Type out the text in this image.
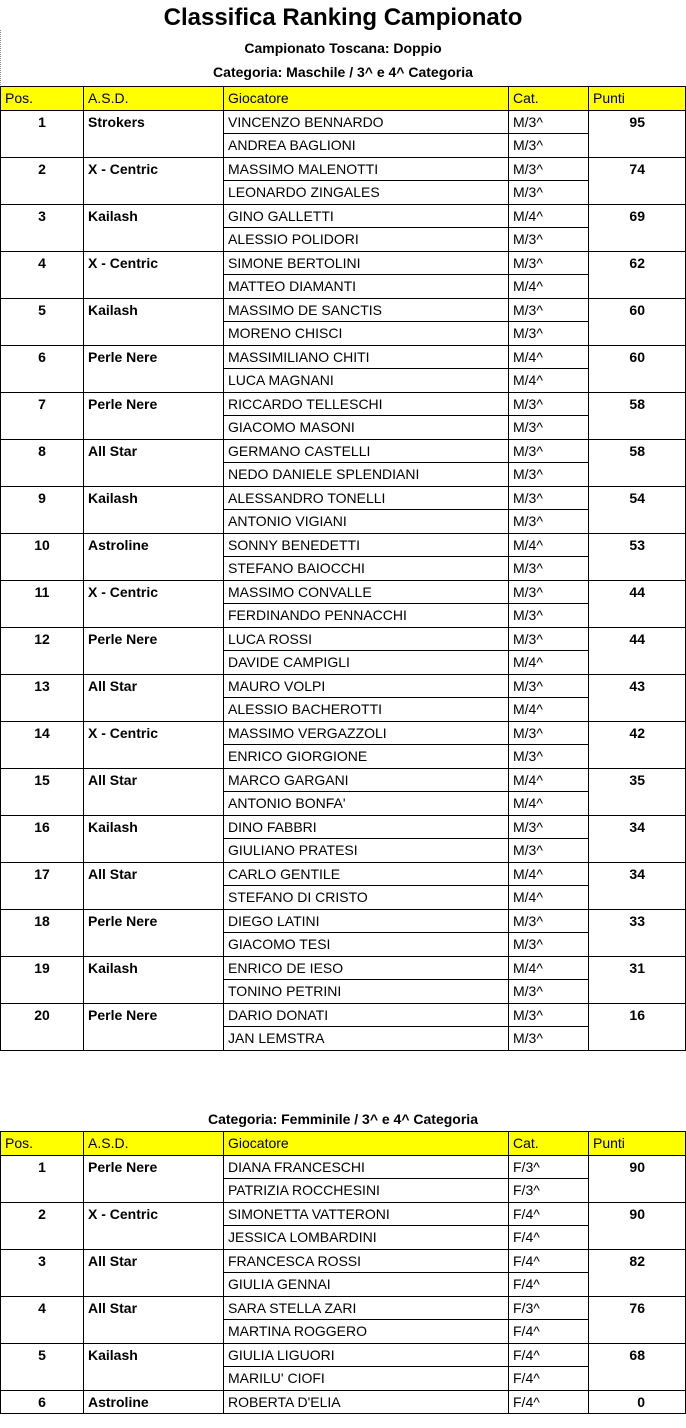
Classifica Ranking Campionato
Campionato Toscana: Doppio
Categoria: Maschile / 3^ e 4^ Categoria
Pos.	A.S.D.	Giocatore	Cat.	Punti
1	Strokers	VINCENZO BENNARDO	M/3^	95
		ANDREA BAGLIONI	M/3^	
2	X - Centric	MASSIMO MALENOTTI	M/3^	74
		LEONARDO ZINGALES	M/3^	
3	Kailash	GINO GALLETTI	M/4^	69
		ALESSIO POLIDORI	M/3^	
4	X - Centric	SIMONE BERTOLINI	M/3^	62
		MATTEO DIAMANTI	M/4^	
5	Kailash	MASSIMO DE SANCTIS	M/3^	60
		MORENO CHISCI	M/3^	
6	Perle Nere	MASSIMILIANO CHITI	M/4^	60
		LUCA MAGNANI	M/4^	
7	Perle Nere	RICCARDO TELLESCHI	M/3^	58
		GIACOMO MASONI	M/3^	
8	All Star	GERMANO CASTELLI	M/3^	58
		NEDO DANIELE SPLENDIANI	M/3^	
9	Kailash	ALESSANDRO TONELLI	M/3^	54
		ANTONIO VIGIANI	M/3^	
10	Astroline	SONNY BENEDETTI	M/4^	53
		STEFANO BAIOCCHI	M/3^	
11	X - Centric	MASSIMO CONVALLE	M/3^	44
		FERDINANDO PENNACCHI	M/3^	
12	Perle Nere	LUCA ROSSI	M/3^	44
		DAVIDE CAMPIGLI	M/4^	
13	All Star	MAURO VOLPI	M/3^	43
		ALESSIO BACHEROTTI	M/4^	
14	X - Centric	MASSIMO VERGAZZOLI	M/3^	42
		ENRICO GIORGIONE	M/3^	
15	All Star	MARCO GARGANI	M/4^	35
		ANTONIO BONFA'	M/4^	
16	Kailash	DINO FABBRI	M/3^	34
		GIULIANO PRATESI	M/3^	
17	All Star	CARLO GENTILE	M/4^	34
		STEFANO DI CRISTO	M/4^	
18	Perle Nere	DIEGO LATINI	M/3^	33
		GIACOMO TESI	M/3^	
19	Kailash	ENRICO DE IESO	M/4^	31
		TONINO PETRINI	M/3^	
20	Perle Nere	DARIO DONATI	M/3^	16
		JAN LEMSTRA	M/3^	
Categoria: Femminile / 3^ e 4^ Categoria
Pos.	A.S.D.	Giocatore	Cat.	Punti
1	Perle Nere	DIANA FRANCESCHI	F/3^	90
		PATRIZIA ROCCHESINI	F/3^	
2	X - Centric	SIMONETTA VATTERONI	F/4^	90
		JESSICA LOMBARDINI	F/4^	
3	All Star	FRANCESCA ROSSI	F/4^	82
		GIULIA GENNAI	F/4^	
4	All Star	SARA STELLA ZARI	F/3^	76
		MARTINA ROGGERO	F/4^	
5	Kailash	GIULIA LIGUORI	F/4^	68
		MARILU' CIOFI	F/4^	
6	Astroline	ROBERTA D'ELIA	F/4^	0
